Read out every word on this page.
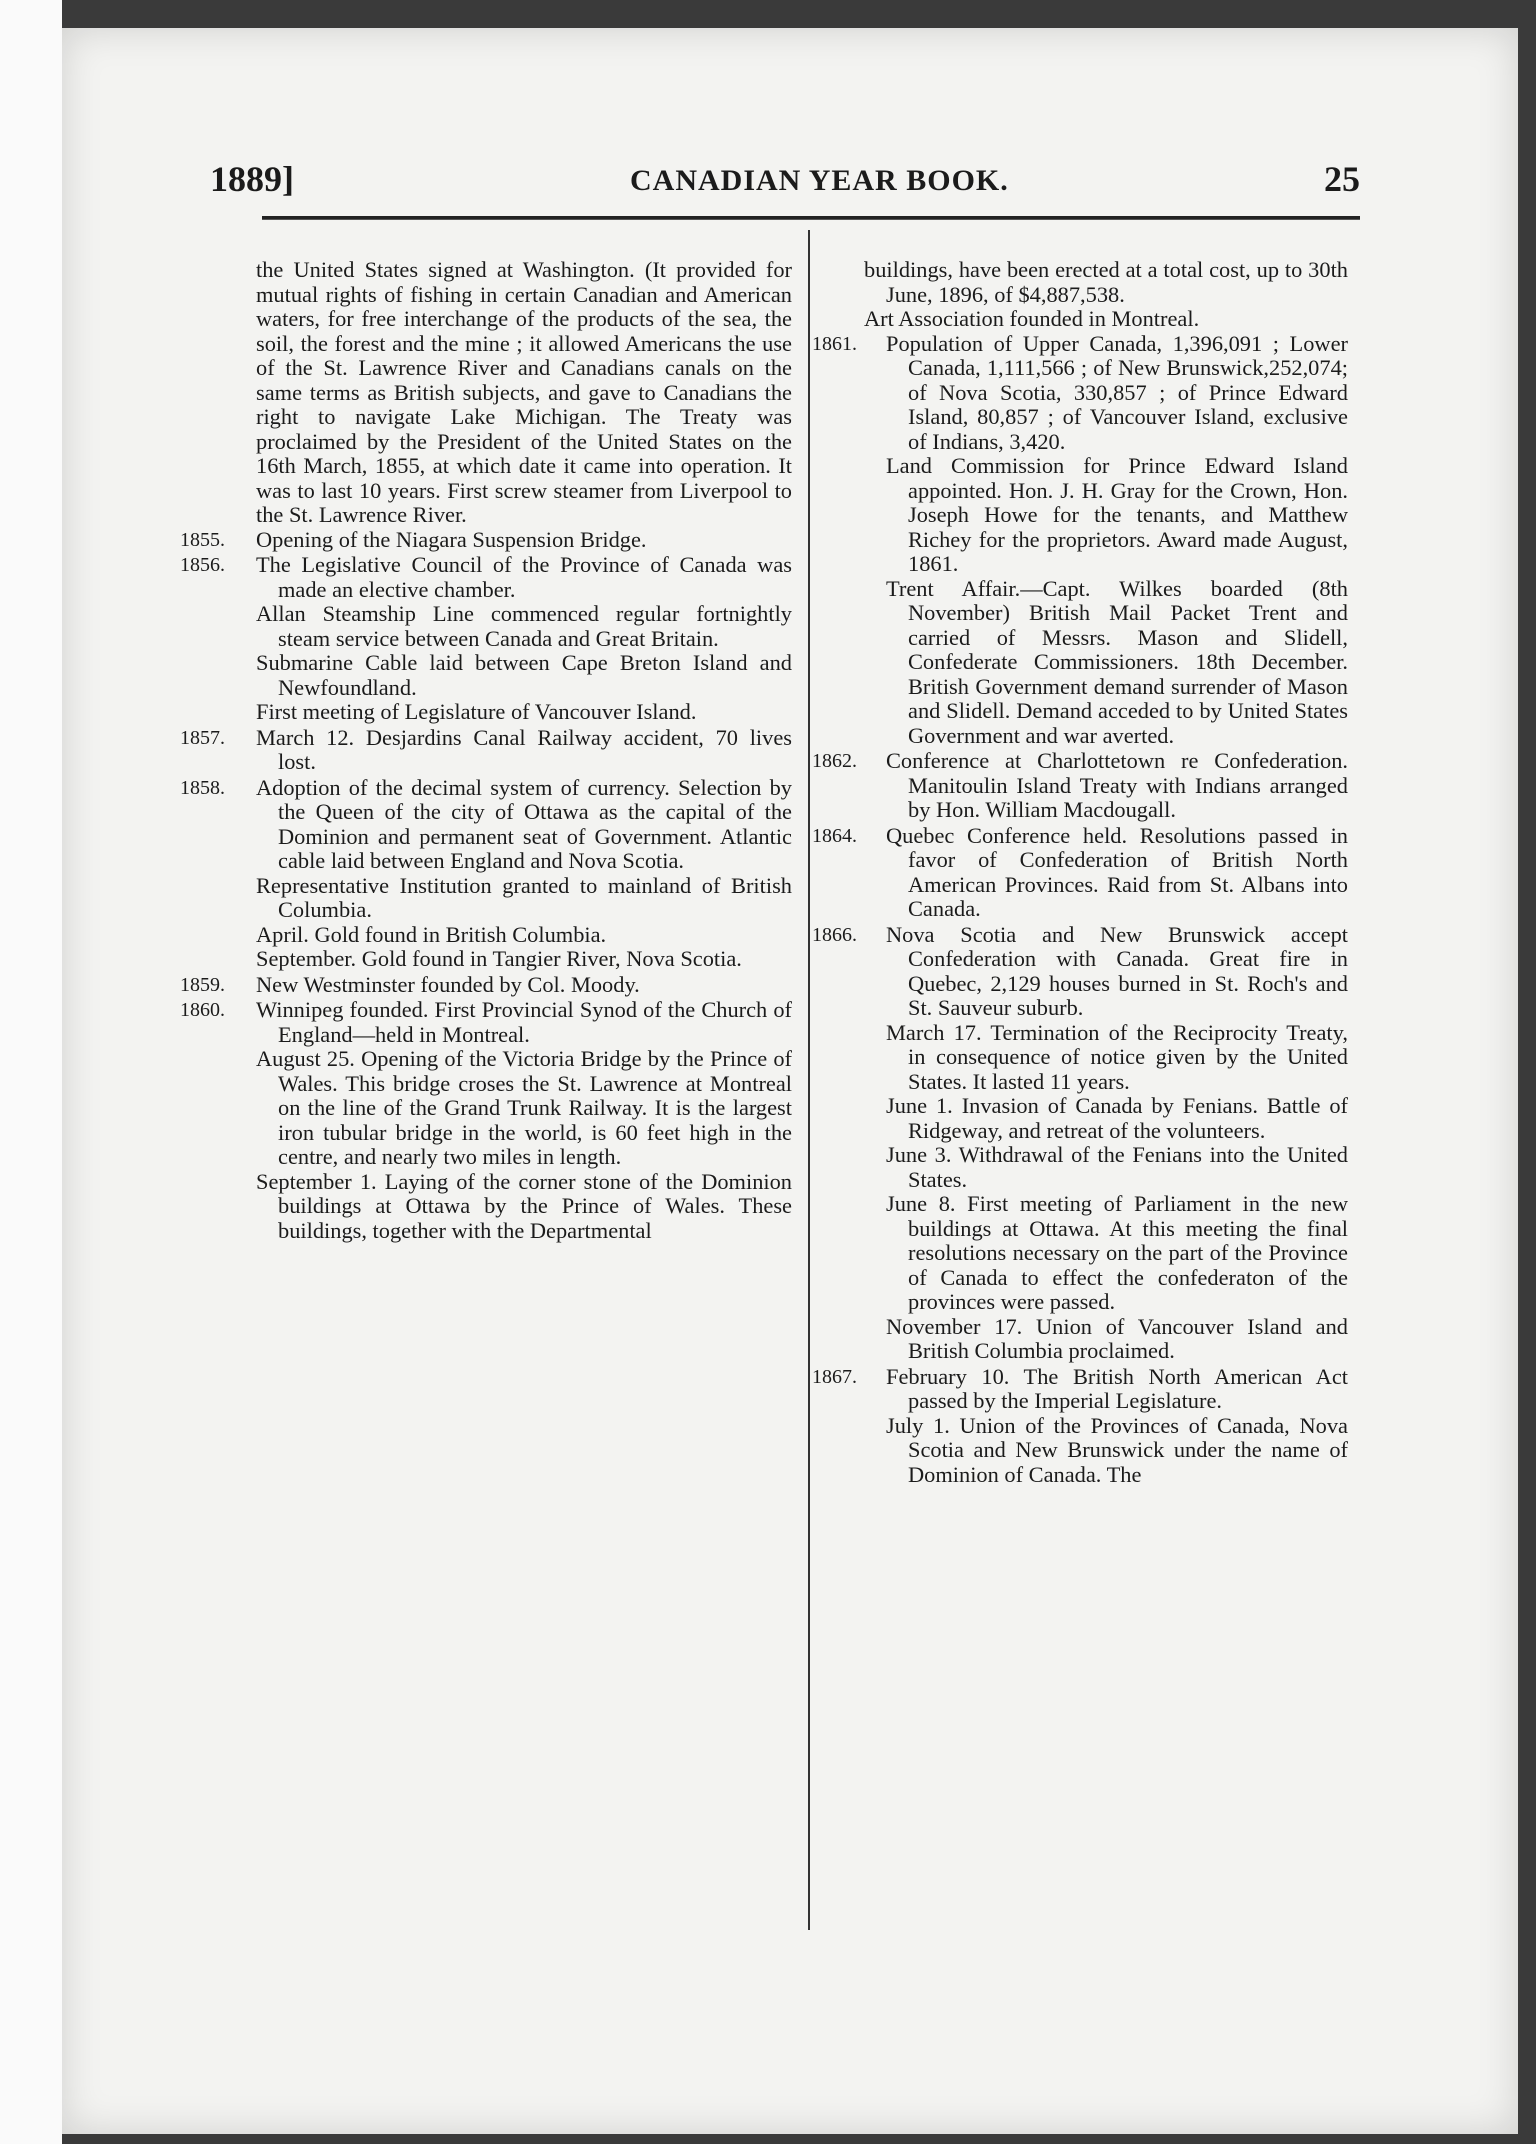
1889]	CANADIAN YEAR BOOK.	25

the United States signed at Washington. (It provided for mutual rights of fishing in certain Canadian and American waters, for free interchange of the products of the sea, the soil, the forest and the mine ; it allowed Americans the use of the St. Lawrence River and Canadians canals on the same terms as British subjects, and gave to Canadians the right to navigate Lake Michigan. The Treaty was proclaimed by the President of the United States on the 16th March, 1855, at which date it came into operation. It was to last 10 years. First screw steamer from Liverpool to the St. Lawrence River.

1855. Opening of the Niagara Suspension Bridge.

1856. The Legislative Council of the Province of Canada was made an elective chamber.

Allan Steamship Line commenced regular fortnightly steam service between Canada and Great Britain.

Submarine Cable laid between Cape Breton Island and Newfoundland.

First meeting of Legislature of Vancouver Island.

1857. March 12. Desjardins Canal Railway accident, 70 lives lost.

1858. Adoption of the decimal system of currency. Selection by the Queen of the city of Ottawa as the capital of the Dominion and permanent seat of Government. Atlantic cable laid between England and Nova Scotia.

Representative Institution granted to mainland of British Columbia.

April. Gold found in British Columbia.

September. Gold found in Tangier River, Nova Scotia.

1859. New Westminster founded by Col. Moody.

1860. Winnipeg founded. First Provincial Synod of the Church of England—held in Montreal.

August 25. Opening of the Victoria Bridge by the Prince of Wales. This bridge croses the St. Lawrence at Montreal on the line of the Grand Trunk Railway. It is the largest iron tubular bridge in the world, is 60 feet high in the centre, and nearly two miles in length.

September 1. Laying of the corner stone of the Dominion buildings at Ottawa by the Prince of Wales. These buildings, together with the Departmental

buildings, have been erected at a total cost, up to 30th June, 1896, of $4,887,538.

Art Association founded in Montreal.

1861. Population of Upper Canada, 1,396,091 ; Lower Canada, 1,111,566 ; of New Brunswick,252,074; of Nova Scotia, 330,857 ; of Prince Edward Island, 80,857 ; of Vancouver Island, exclusive of Indians, 3,420.

Land Commission for Prince Edward Island appointed. Hon. J. H. Gray for the Crown, Hon. Joseph Howe for the tenants, and Matthew Richey for the proprietors. Award made August, 1861.

Trent Affair.—Capt. Wilkes boarded (8th November) British Mail Packet Trent and carried of Messrs. Mason and Slidell, Confederate Commissioners. 18th December. British Government demand surrender of Mason and Slidell. Demand acceded to by United States Government and war averted.

1862. Conference at Charlottetown re Confederation. Manitoulin Island Treaty with Indians arranged by Hon. William Macdougall.

1864. Quebec Conference held. Resolutions passed in favor of Confederation of British North American Provinces. Raid from St. Albans into Canada.

1866. Nova Scotia and New Brunswick accept Confederation with Canada. Great fire in Quebec, 2,129 houses burned in St. Roch's and St. Sauveur suburb.

March 17. Termination of the Reciprocity Treaty, in consequence of notice given by the United States. It lasted 11 years.

June 1. Invasion of Canada by Fenians. Battle of Ridgeway, and retreat of the volunteers.

June 3. Withdrawal of the Fenians into the United States.

June 8. First meeting of Parliament in the new buildings at Ottawa. At this meeting the final resolutions necessary on the part of the Province of Canada to effect the confederaton of the provinces were passed.

November 17. Union of Vancouver Island and British Columbia proclaimed.

1867. February 10. The British North American Act passed by the Imperial Legislature.

July 1. Union of the Provinces of Canada, Nova Scotia and New Brunswick under the name of Dominion of Canada. The
